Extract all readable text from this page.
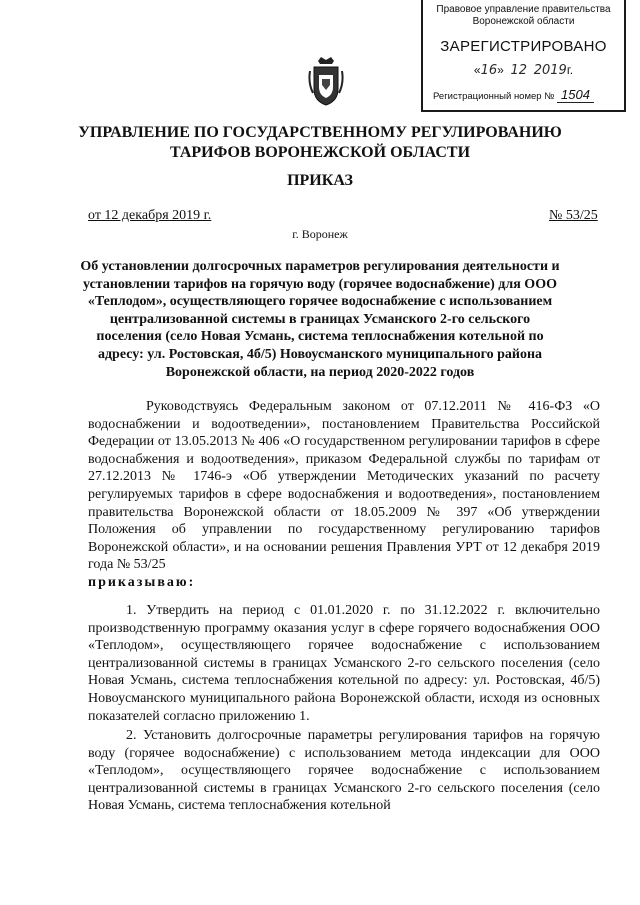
Правовое управление правительства
Воронежской области
ЗАРЕГИСТРИРОВАНО
«16»  12 2019г.
Регистрационный номер № 1504
УПРАВЛЕНИЕ ПО ГОСУДАРСТВЕННОМУ РЕГУЛИРОВАНИЮ
ТАРИФОВ ВОРОНЕЖСКОЙ ОБЛАСТИ
ПРИКАЗ
от 12 декабря 2019 г.	№ 53/25
г. Воронеж
Об установлении долгосрочных параметров регулирования деятельности и установлении тарифов на горячую воду (горячее водоснабжение) для ООО «Теплодом», осуществляющего горячее водоснабжение с использованием централизованной системы в границах Усманского 2-го сельского поселения (село Новая Усмань, система теплоснабжения котельной по адресу: ул. Ростовская, 4б/5) Новоусманского муниципального района Воронежской области, на период 2020-2022 годов
Руководствуясь Федеральным законом от 07.12.2011 № 416-ФЗ «О водоснабжении и водоотведении», постановлением Правительства Российской Федерации от 13.05.2013 № 406 «О государственном регулировании тарифов в сфере водоснабжения и водоотведения», приказом Федеральной службы по тарифам от 27.12.2013 № 1746-э «Об утверждении Методических указаний по расчету регулируемых тарифов в сфере водоснабжения и водоотведения», постановлением правительства Воронежской области от 18.05.2009 № 397 «Об утверждении Положения об управлении по государственному регулированию тарифов Воронежской области», и на основании решения Правления УРТ от 12 декабря 2019 года № 53/25
приказываю:
1. Утвердить на период с 01.01.2020 г. по 31.12.2022 г. включительно производственную программу оказания услуг в сфере горячего водоснабжения ООО «Теплодом», осуществляющего горячее водоснабжение с использованием централизованной системы в границах Усманского 2-го сельского поселения (село Новая Усмань, система теплоснабжения котельной по адресу: ул. Ростовская, 4б/5) Новоусманского муниципального района Воронежской области, исходя из основных показателей согласно приложению 1.
2. Установить долгосрочные параметры регулирования тарифов на горячую воду (горячее водоснабжение) с использованием метода индексации для ООО «Теплодом», осуществляющего горячее водоснабжение с использованием централизованной системы в границах Усманского 2-го сельского поселения (село Новая Усмань, система теплоснабжения котельной
